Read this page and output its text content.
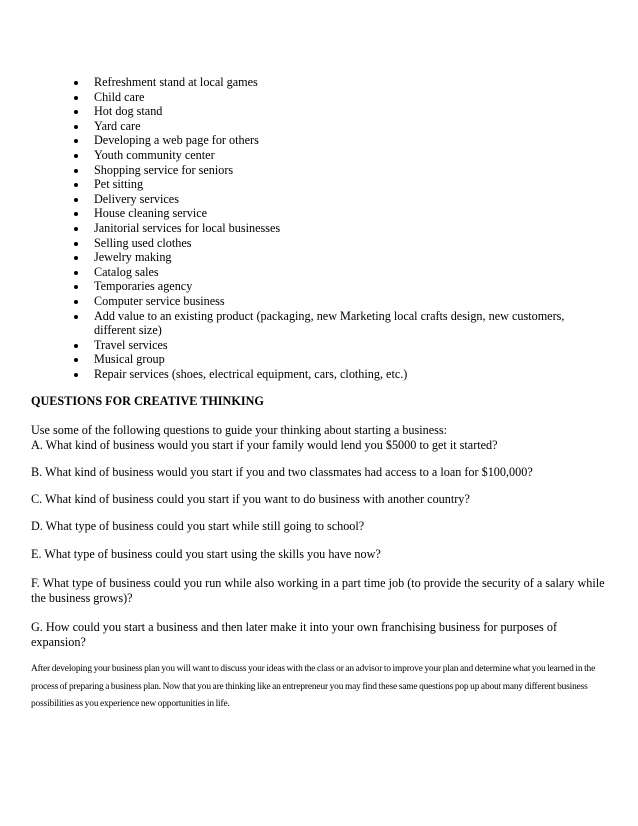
Refreshment stand at local games
Child care
Hot dog stand
Yard care
Developing a web page for others
Youth community center
Shopping service for seniors
Pet sitting
Delivery services
House cleaning service
Janitorial services for local businesses
Selling used clothes
Jewelry making
Catalog sales
Temporaries agency
Computer service business
Add value to an existing product (packaging, new Marketing local crafts design, new customers, different size)
Travel services
Musical group
Repair services (shoes, electrical equipment, cars, clothing, etc.)
QUESTIONS FOR CREATIVE THINKING
Use some of the following questions to guide your thinking about starting a business:
A. What kind of business would you start if your family would lend you $5000 to get it started?
B. What kind of business would you start if you and two classmates had access to a loan for $100,000?
C. What kind of business could you start if you want to do business with another country?
D. What type of business could you start while still going to school?
E. What type of business could you start using the skills you have now?
F. What type of business could you run while also working in a part time job (to provide the security of a salary while the business grows)?
G. How could you start a business and then later make it into your own franchising business for purposes of expansion?
After developing your business plan you will want to discuss your ideas with the class or an advisor to improve your plan and determine what you learned in the process of preparing a business plan. Now that you are thinking like an entrepreneur you may find these same questions pop up about many different business possibilities as you experience new opportunities in life.
